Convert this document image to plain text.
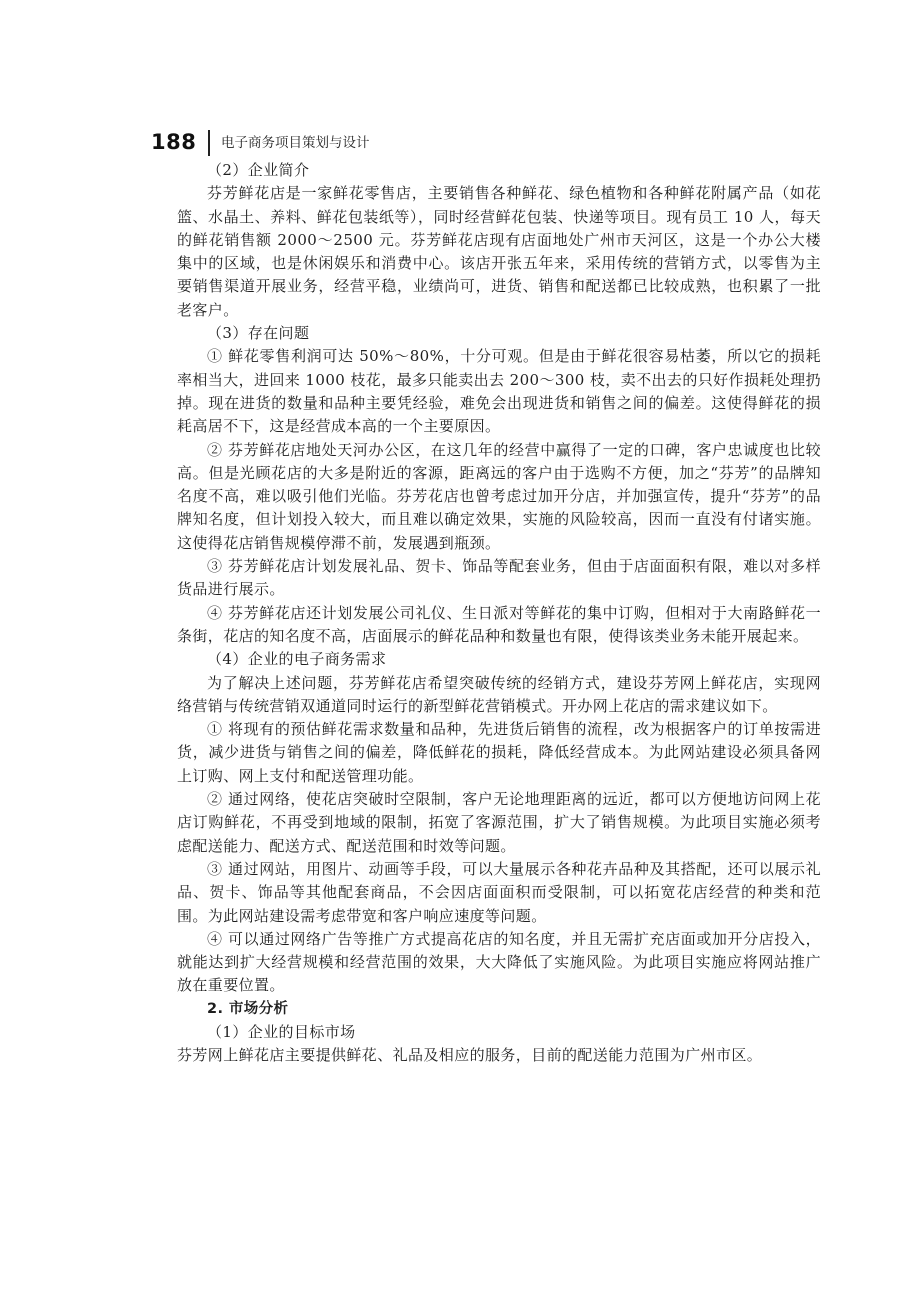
188 电子商务项目策划与设计

（2）企业简介

芬芳鲜花店是一家鲜花零售店，主要销售各种鲜花、绿色植物和各种鲜花附属产品（如花篮、水晶土、养料、鲜花包装纸等），同时经营鲜花包装、快递等项目。现有员工 10 人，每天的鲜花销售额 2000～2500 元。芬芳鲜花店现有店面地处广州市天河区，这是一个办公大楼集中的区域，也是休闲娱乐和消费中心。该店开张五年来，采用传统的营销方式，以零售为主要销售渠道开展业务，经营平稳，业绩尚可，进货、销售和配送都已比较成熟，也积累了一批老客户。

（3）存在问题

① 鲜花零售利润可达 50%～80%，十分可观。但是由于鲜花很容易枯萎，所以它的损耗率相当大，进回来 1000 枝花，最多只能卖出去 200～300 枝，卖不出去的只好作损耗处理扔掉。现在进货的数量和品种主要凭经验，难免会出现进货和销售之间的偏差。这使得鲜花的损耗高居不下，这是经营成本高的一个主要原因。

② 芬芳鲜花店地处天河办公区，在这几年的经营中赢得了一定的口碑，客户忠诚度也比较高。但是光顾花店的大多是附近的客源，距离远的客户由于选购不方便，加之“芬芳”的品牌知名度不高，难以吸引他们光临。芬芳花店也曾考虑过加开分店，并加强宣传，提升“芬芳”的品牌知名度，但计划投入较大，而且难以确定效果，实施的风险较高，因而一直没有付诸实施。这使得花店销售规模停滞不前，发展遇到瓶颈。

③ 芬芳鲜花店计划发展礼品、贺卡、饰品等配套业务，但由于店面面积有限，难以对多样货品进行展示。

④ 芬芳鲜花店还计划发展公司礼仪、生日派对等鲜花的集中订购，但相对于大南路鲜花一条街，花店的知名度不高，店面展示的鲜花品种和数量也有限，使得该类业务未能开展起来。

（4）企业的电子商务需求

为了解决上述问题，芬芳鲜花店希望突破传统的经销方式，建设芬芳网上鲜花店，实现网络营销与传统营销双通道同时运行的新型鲜花营销模式。开办网上花店的需求建议如下。

① 将现有的预估鲜花需求数量和品种，先进货后销售的流程，改为根据客户的订单按需进货，减少进货与销售之间的偏差，降低鲜花的损耗，降低经营成本。为此网站建设必须具备网上订购、网上支付和配送管理功能。

② 通过网络，使花店突破时空限制，客户无论地理距离的远近，都可以方便地访问网上花店订购鲜花，不再受到地域的限制，拓宽了客源范围，扩大了销售规模。为此项目实施必须考虑配送能力、配送方式、配送范围和时效等问题。

③ 通过网站，用图片、动画等手段，可以大量展示各种花卉品种及其搭配，还可以展示礼品、贺卡、饰品等其他配套商品，不会因店面面积而受限制，可以拓宽花店经营的种类和范围。为此网站建设需考虑带宽和客户响应速度等问题。

④ 可以通过网络广告等推广方式提高花店的知名度，并且无需扩充店面或加开分店投入，就能达到扩大经营规模和经营范围的效果，大大降低了实施风险。为此项目实施应将网站推广放在重要位置。

2. 市场分析

（1）企业的目标市场

芬芳网上鲜花店主要提供鲜花、礼品及相应的服务，目前的配送能力范围为广州市区。
